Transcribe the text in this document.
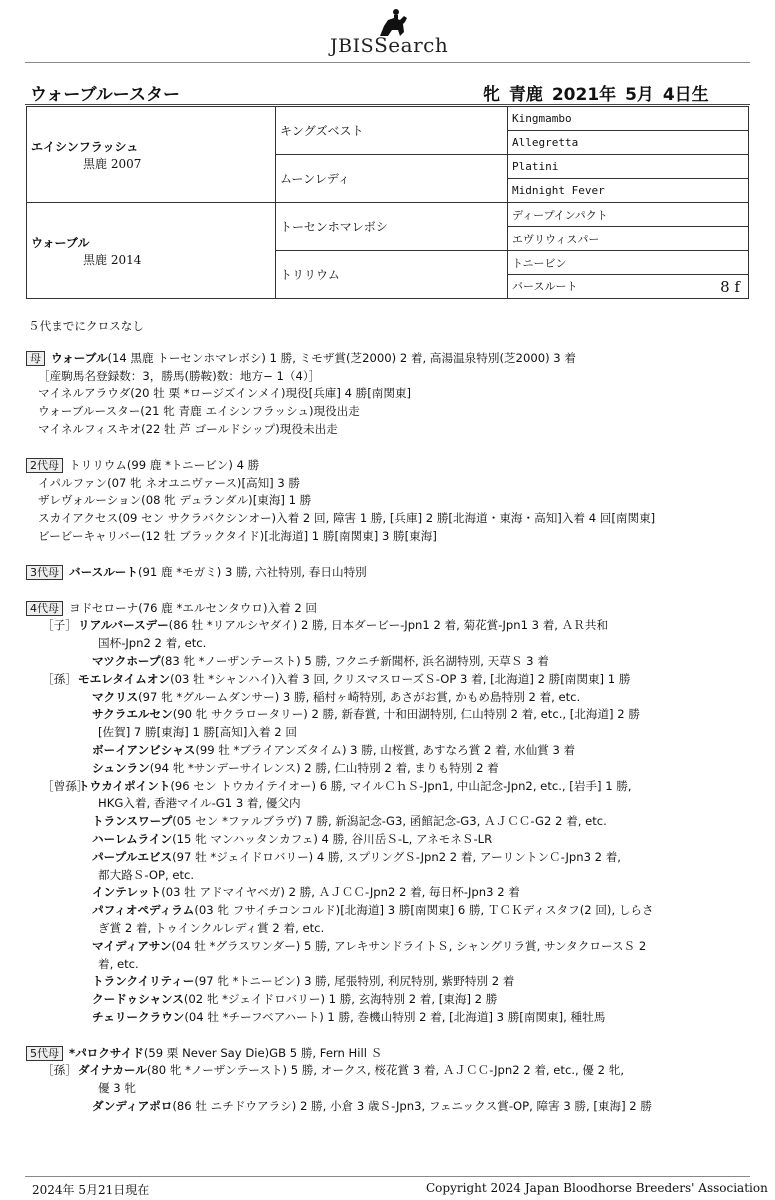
JBISSearch
ウォーブルースター	牝 青鹿 2021年 5月 4日生
エイシンフラッシュ
黒鹿 2007	キングズベスト	Kingmambo
		Allegretta
	ムーンレディ	Platini
		Midnight Fever

ウォーブル
黒鹿 2014	トーセンホマレボシ	ディープインパクト
		エヴリウィスパー
	トリリウム	トニービン
		バースルート 8 f
５代までにクロスなし
母 ウォーブル(14 黒鹿 トーセンホマレボシ) 1 勝, ミモザ賞(芝2000) 2 着, 高湯温泉特別(芝2000) 3 着
［産駒馬名登録数：3，勝馬(勝鞍)数：地方− 1（4）］
マイネルアラウダ(20 牡 栗 *ロージズインメイ)現役[兵庫] 4 勝[南関東]
ウォーブルースター(21 牝 青鹿 エイシンフラッシュ)現役出走
マイネルフィスキオ(22 牡 芦 ゴールドシップ)現役未出走
2代母 トリリウム(99 鹿 *トニービン) 4 勝
イパルファン(07 牝 ネオユニヴァース)[高知] 3 勝
ザレヴォルーション(08 牝 デュランダル)[東海] 1 勝
スカイアクセス(09 セン サクラバクシンオー)入着 2 回, 障害 1 勝, [兵庫] 2 勝[北海道・東海・高知]入着 4 回[南関東]
ビービーキャリバー(12 牡 ブラックタイド)[北海道] 1 勝[南関東] 3 勝[東海]
3代母 バースルート(91 鹿 *モガミ) 3 勝, 六社特別, 春日山特別
4代母 ヨドセローナ(76 鹿 *エルセンタウロ)入着 2 回
［子］リアルバースデー(86 牡 *リアルシヤダイ) 2 勝, 日本ダービー-Jpn1 2 着, 菊花賞-Jpn1 3 着, ＡＲ共和
国杯-Jpn2 2 着, etc.
マツクホープ(83 牝 *ノーザンテースト) 5 勝, フクニチ新聞杯, 浜名湖特別, 天草Ｓ 3 着
［孫］モエレタイムオン(03 牡 *シャンハイ)入着 3 回, クリスマスローズＳ-OP 3 着, [北海道] 2 勝[南関東] 1 勝
マクリス(97 牝 *グルームダンサー) 3 勝, 稲村ヶ崎特別, あさがお賞, かもめ島特別 2 着, etc.
サクラエルセン(90 牝 サクラロータリー) 2 勝, 新春賞, 十和田湖特別, 仁山特別 2 着, etc., [北海道] 2 勝
[佐賀] 7 勝[東海] 1 勝[高知]入着 2 回
ボーイアンビシャス(99 牡 *ブライアンズタイム) 3 勝, 山桜賞, あすなろ賞 2 着, 水仙賞 3 着
シュンラン(94 牝 *サンデーサイレンス) 2 勝, 仁山特別 2 着, まりも特別 2 着
［曾孫］トウカイポイント(96 セン トウカイテイオー) 6 勝, マイルＣｈＳ-Jpn1, 中山記念-Jpn2, etc., [岩手] 1 勝,
HKG入着, 香港マイル-G1 3 着, 優父内
トランスワープ(05 セン *ファルブラヴ) 7 勝, 新潟記念-G3, 函館記念-G3, ＡＪＣＣ-G2 2 着, etc.
ハーレムライン(15 牝 マンハッタンカフェ) 4 勝, 谷川岳Ｓ-L, アネモネＳ-LR
パープルエビス(97 牡 *ジェイドロバリー) 4 勝, スプリングＳ-Jpn2 2 着, アーリントンＣ-Jpn3 2 着,
都大路Ｓ-OP, etc.
インテレット(03 牡 アドマイヤベガ) 2 勝, ＡＪＣＣ-Jpn2 2 着, 毎日杯-Jpn3 2 着
パフィオペディラム(03 牝 フサイチコンコルド)[北海道] 3 勝[南関東] 6 勝, ＴＣＫディスタフ(2 回), しらさ
ぎ賞 2 着, トゥインクルレディ賞 2 着, etc.
マイディアサン(04 牡 *グラスワンダー) 5 勝, アレキサンドライトＳ, シャングリラ賞, サンタクロースＳ 2
着, etc.
トランクイリティー(97 牝 *トニービン) 3 勝, 尾張特別, 利尻特別, 紫野特別 2 着
クードゥシャンス(02 牝 *ジェイドロバリー) 1 勝, 玄海特別 2 着, [東海] 2 勝
チェリークラウン(04 牡 *チーフベアハート) 1 勝, 巻機山特別 2 着, [北海道] 3 勝[南関東], 種牡馬
5代母 *パロクサイド(59 栗 Never Say Die)GB 5 勝, Fern Hill Ｓ
［孫］ダイナカール(80 牝 *ノーザンテースト) 5 勝, オークス, 桜花賞 3 着, ＡＪＣＣ-Jpn2 2 着, etc., 優 2 牝,
優 3 牝
ダンディアポロ(86 牡 ニチドウアラシ) 2 勝, 小倉 3 歳Ｓ-Jpn3, フェニックス賞-OP, 障害 3 勝, [東海] 2 勝
2024年 5月21日現在	Copyright 2024 Japan Bloodhorse Breeders' Association
